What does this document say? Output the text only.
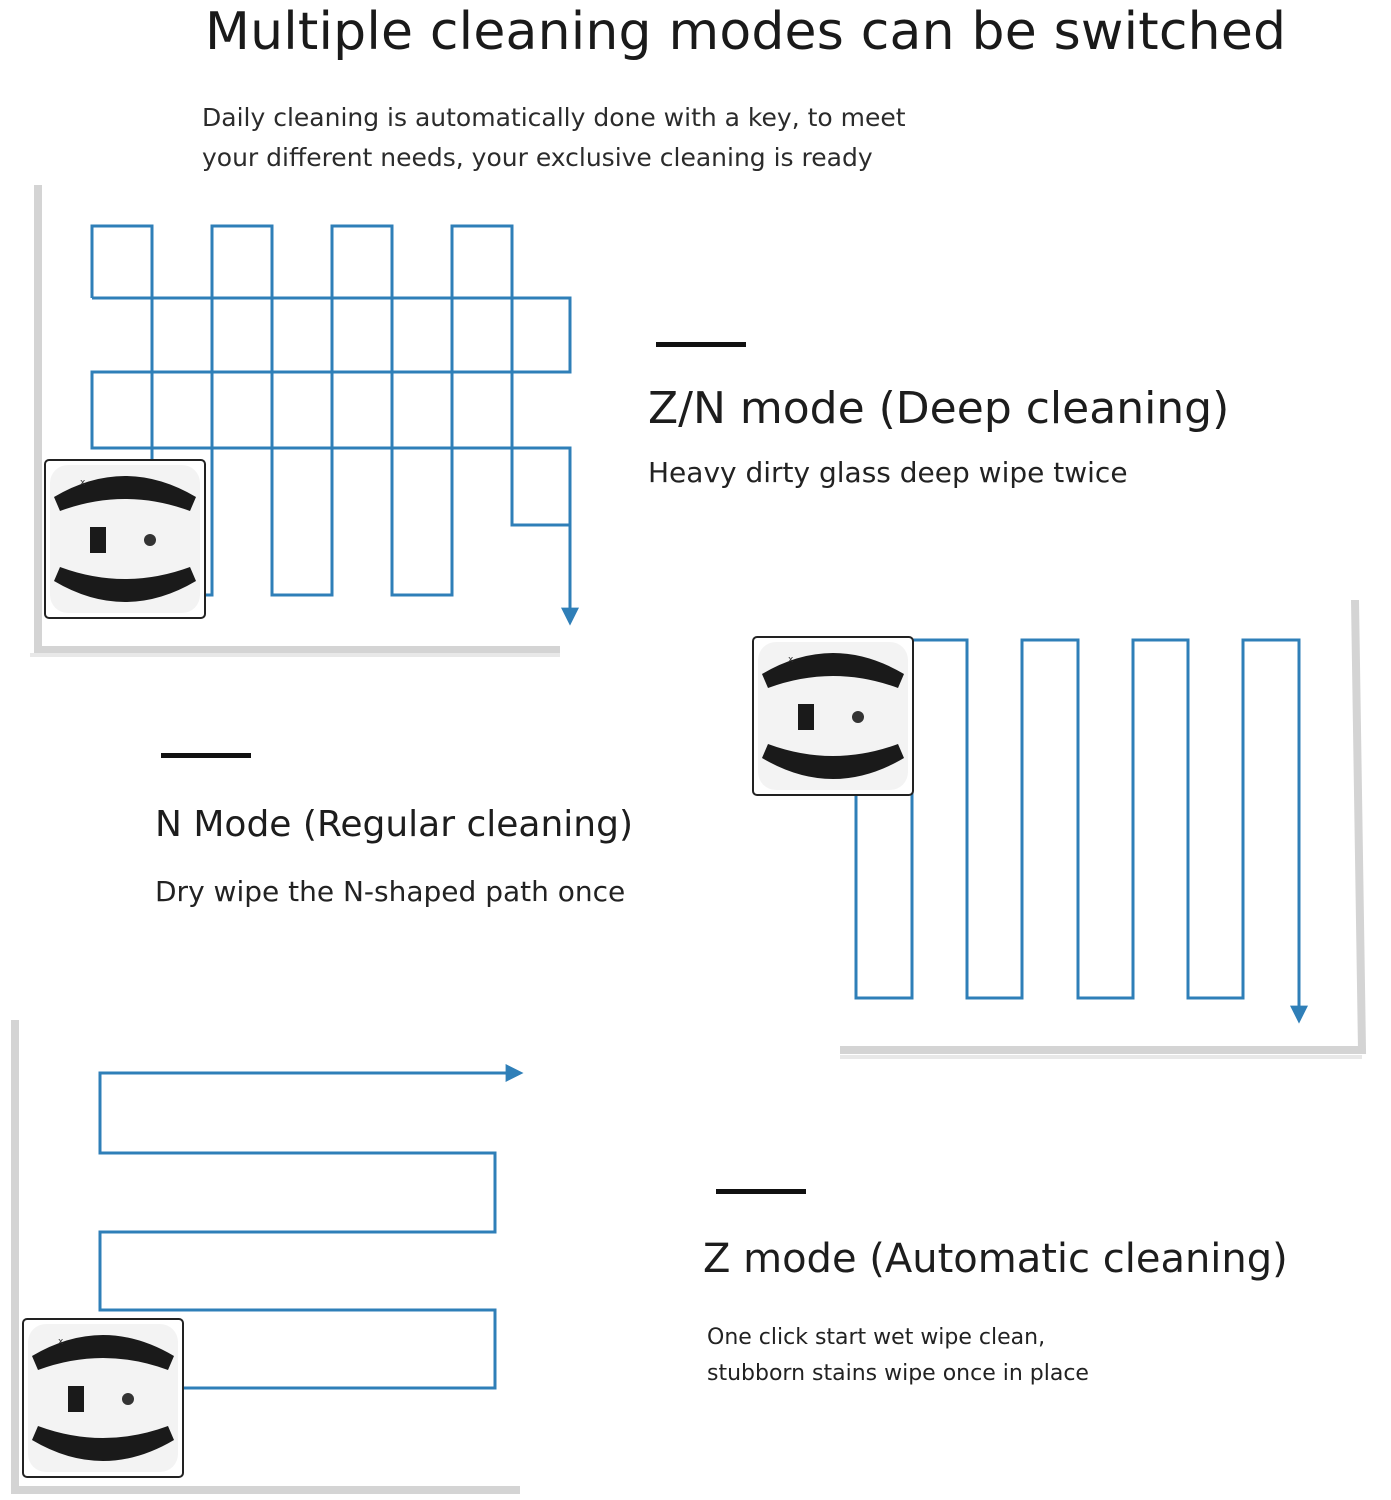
Multiple cleaning modes can be switched
Daily cleaning is automatically done with a key, to meet
your different needs, your exclusive cleaning is ready
x
x
x
Z/N mode (Deep cleaning)
Heavy dirty glass deep wipe twice
N Mode (Regular cleaning)
Dry wipe the N-shaped path once
Z mode (Automatic cleaning)
One click start wet wipe clean,
stubborn stains wipe once in place
